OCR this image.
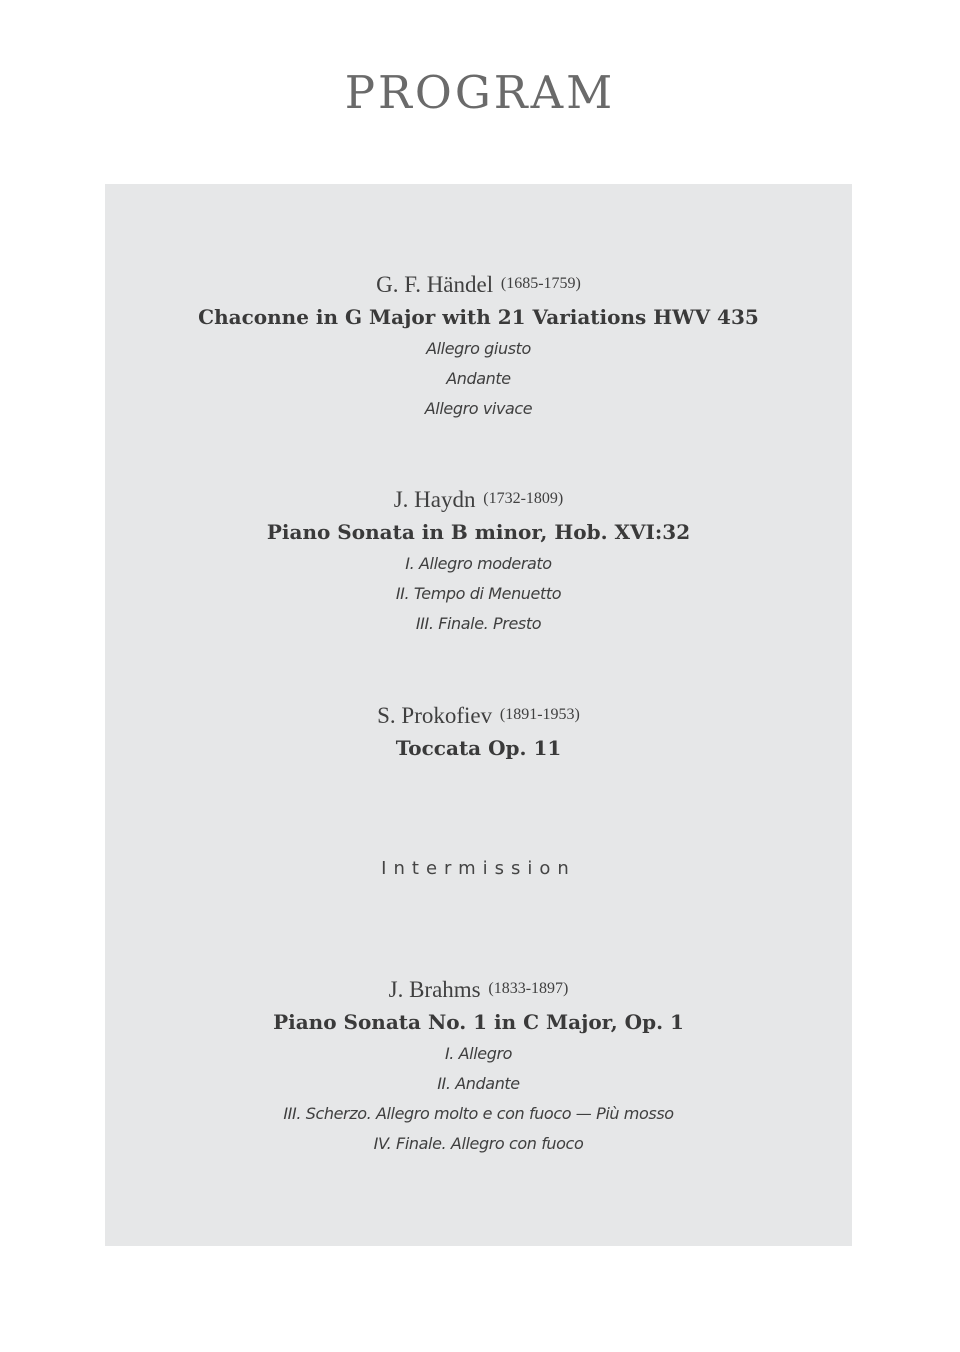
PROGRAM
G. F. Händel (1685-1759)
Chaconne in G Major with 21 Variations HWV 435
Allegro giusto
Andante
Allegro vivace
J. Haydn (1732-1809)
Piano Sonata in B minor, Hob. XVI:32
I. Allegro moderato
II. Tempo di Menuetto
III. Finale. Presto
S. Prokofiev (1891-1953)
Toccata Op. 11
Intermission
J. Brahms (1833-1897)
Piano Sonata No. 1 in C Major, Op. 1
I. Allegro
II. Andante
III. Scherzo. Allegro molto e con fuoco — Più mosso
IV. Finale. Allegro con fuoco
